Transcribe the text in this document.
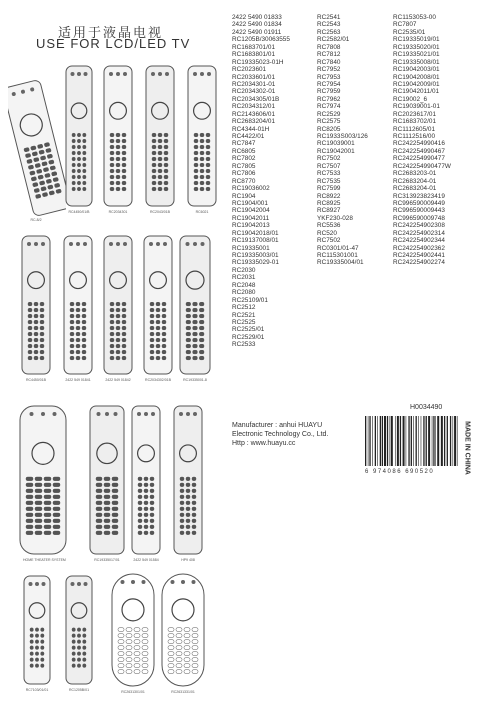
适用于液晶电视
USE FOR LCD/LED TV
2422 5490 01833
2422 5490 01834
2422 5490 01911
RC1205B/30063555
RC1683701/01
RC1683801/01
RC19335023-01H
RC2023601
RC2033601/01
RC2034301-01
RC2034302-01
RC2034305/01B
RC2034312/01
RC2143606/01
RC2683204/01
RC4344-01H
RC4422/01
RC7847
RC6805
RC7802
RC7805
RC7806
RC8770
RC19036002
RC1904
RC1904/001
RC19042004
RC19042011
RC19042013
RC19042018/01
RC19137008/01
RC19335001
RC19335003/01
RC19335029-01
RC2030
RC2031
RC2048
RC2080
RC25109/01
RC2512
RC2521
RC2525
RC2525/01
RC2529/01
RC2533
RC2541
RC2543
RC2563
RC2582/01
RC7808
RC7812
RC7840
RC7952
RC7953
RC7954
RC7959
RC7962
RC7974
RC2529
RC2575
RC8205
RC1933S003/126
RC19039001
RC19042001
RC7502
RC7507
RC7533
RC7535
RC7599
RC8922
RC8925
RC8927
YKF230-028
RC5536
RC520
RC7502
RC0301/01-47
RC115301001
RC19335004/01
RC1153053-00
RC7807
RC2535/01
RC19335019/01
RC19335020/01
RC19335021/01
RC19335008/01
RC19042003/01
RC19042008/01
RC19042009/01
RC19042011/01
RC19002_6
RC19039001-01
RC2023617/01
RC1683702/01
RC1112605/01
RC1112516/00
RC242254990416
RC242254990467
RC242254990477
RC242254990477W
RC2683203-01
RC2683204-01
RC2683204-01
RC313923823419
RC996590009449
RC996590009443
RC996590009748
RC242254902308
RC242254902314
RC242254902344
RC242254902362
RC242254902441
RC242254902274
Manufacturer : anhui HUAYU
Electronic Technology Co., Ltd.
Http : www.huayu.cc
H0034490
6 974086 690520	MADE IN CHINA
RC-8/2
RC4450/01/B	RC2034301	RC2043/01B	RC6021
RC4450/01B	2422 549 01841	2422 549 01842	RC2034302/01B	RC19335001-8
HOME THEATER SYSTEM	RC19335017/01	2422 549 01584	HP9 408
RC7103/01/01	RC1205B/01	RC2631301/01	RC2631331/01
